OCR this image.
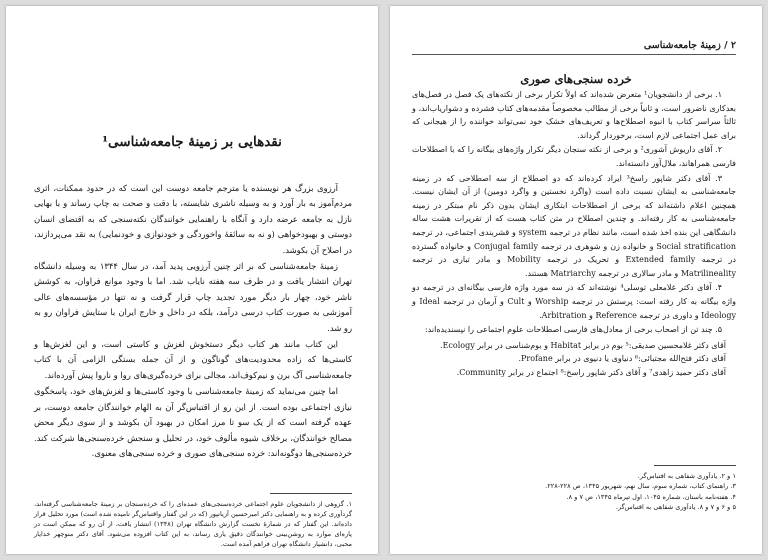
نقدهایی بر زمینهٔ جامعه‌شناسی¹

آرزوی بزرگ هر نویسنده یا مترجم جامعه دوست این است که در حدود ممکنات، اثری مردم‌آموز به بار آورد و به وسیله ناشری شایسته، با دقت و صحت به چاپ رساند و با بهایی نازل به جامعه عرضه دارد و آنگاه با راهنمایی خوانندگان نکته‌سنجی که به اقتضای انسان دوستی و بهبودخواهی (و نه به سائقهٔ واخوردگی و خودنوازی و خودنمایی) به نقد می‌پردازند، در اصلاح آن بکوشد.

زمینهٔ جامعه‌شناسی که بر اثر چنین آرزویی پدید آمد، در سال ۱۳۴۴ به وسیله دانشگاه تهران انتشار یافت و در ظرف سه هفته نایاب شد. اما با وجود موانع فراوان، به کوشش ناشر خود، چهار بار دیگر مورد تجدید چاپ قرار گرفت و نه تنها در مؤسسه‌های عالی آموزشی به صورت کتاب درسی درآمد، بلکه در داخل و خارج ایران با ستایش فراوان رو به رو شد.

این کتاب مانند هر کتاب دیگر دستخوش لغزش و کاستی است، و این لغزش‌ها و کاستی‌ها که زاده محدودیت‌های گوناگون و از آن جمله بستگی الزامی آن با کتاب جامعه‌شناسی آگ برن و نیم‌کوف‌اند، مجالی برای خرده‌گیری‌های روا و ناروا پیش آورده‌اند.

اما چنین می‌نماید که زمینهٔ جامعه‌شناسی با وجود کاستی‌ها و لغزش‌های خود، پاسخگوی نیازی اجتماعی بوده است. از این رو از اقتباس‌گر آن به الهام خوانندگان جامعه دوست، بر عهده گرفته است که از یک سو تا مرز امکان در بهبود آن بکوشد و از سوی دیگر محض مصالح خوانندگان، برخلاف شیوه مألوف خود، در تحلیل و سنجش خرده‌سنجی‌ها شرکت کند. خرده‌سنجی‌ها دوگونه‌اند: خرده سنجی‌های صوری و خرده سنجی‌های معنوی.

۱. گزوهی از دانشجویان علوم اجتماعی خرده‌سنجی‌های عمده‌ای را که خرده‌سنجان بر زمینهٔ جامعه‌شناسی گرفته‌اند، گردآوری کرده و به راهنمایی دکتر امیرحسین آریانپور (که در این گفتار واقتباس‌گر نامیده شده است) مورد تحلیل قرار داده‌اند. این گفتار که در شمارهٔ نخست گزارش دانشگاه تهران (۱۳۴۸) انتشار یافت، از آن رو که ممکن است در پاره‌ای موارد به روشن‌بینی خوانندگان دقیق یاری رساند، به این کتاب افزوده می‌شود. آقای دکتر منوچهر خدایار محبی، دانشیار دانشگاه تهران فراهم آمده است.
۲ / زمینهٔ جامعه‌شناسی
خرده سنجی‌های صوری

۱. برخی از دانشجویان¹ متعرض شده‌اند که اولاً تکرار برخی از نکته‌های یک فصل در فصل‌های بعدکاری ناضرور است، و ثانیاً برخی از مطالب مخصوصاً مقدمه‌های کتاب فشرده و دشوار‌یاب‌اند، و ثالثاً سراسر کتاب با انبوه اصطلاح‌ها و تعریف‌های خشک خود نمی‌تواند خواننده را از هیجانی که برای عمل اجتماعی لازم است، برخوردار گرداند.

۲. آقای داریوش آشوری² و برخی از نکته سنجان دیگر تکرار واژه‌های بیگانه را که با اصطلاحات فارسی همراهاند، ملال‌آور دانسته‌اند.

۳. آقای دکتر شاپور راسخ³ ایراد کرده‌اند که دو اصطلاح از سه اصطلاحی که در زمینه جامعه‌شناسی به ایشان نسبت داده است (واگرد نخستین و واگرد دومین) از آن ایشان نیست. همچنین اعلام داشته‌اند که برخی از اصطلاحات ابتکاری ایشان بدون ذکر نام مبتکر در زمینه جامعه‌شناسی به کار رفته‌اند. و چندین اصطلاح در متن کتاب هست که از تقریرات هشت ساله دانشگاهی این بنده اخذ شده است، مانند نظام در ترجمه system و قشربندی اجتماعی، در ترجمه Social stratification و خانواده زن و شوهری در ترجمه Conjugal family و خانواده گسترده در ترجمه Extended family و تحریک در ترجمه Mobility و مادر تباری در ترجمه Matrilineality و مادر سالاری در ترجمه Matriarchy هستند.

۴. آقای دکتر غلامعلی توسلی⁴ نوشته‌اند که در سه مورد واژه فارسی بیگانه‌ای در ترجمه دو واژه بیگانه به کار رفته است: پرستش در ترجمه Worship و Cult و آرمان در ترجمه Ideal و Ideology و داوری در ترجمه Reference و Arbitration.

۵. چند تن از اصحاب برخی از معادل‌های فارسی اصطلاحات علوم اجتماعی را نپسندیده‌اند:

آقای دکتر غلامحسین صدیقی:⁵ بوم در برابر Habitat و بوم‌شناسی در برابر Ecology.
آقای دکتر فتح‌الله مجتبائی:⁶ دنیاوی یا دنیوی در برابر Profane.
آقای دکتر حمید زاهدی⁷ و آقای دکتر شاپور راسخ:⁸ اجتماع در برابر Community.
۱ و ۲. یادآوری شفاهی به اقتباس‌گر.
۳. راهنمای کتاب، شماره سوم، سال نهم، شهریور ۱۳۴۵، ص ۲۲۸-۲۲۸.
۴. هفته‌نامه باستان، شماره ۱۰۴۵، اول تیرماه ۱۳۴۵، ص ۷ و ۸.
۵ و ۶ و ۷ و ۸. یادآوری شفاهی به اقتباس‌گر.
